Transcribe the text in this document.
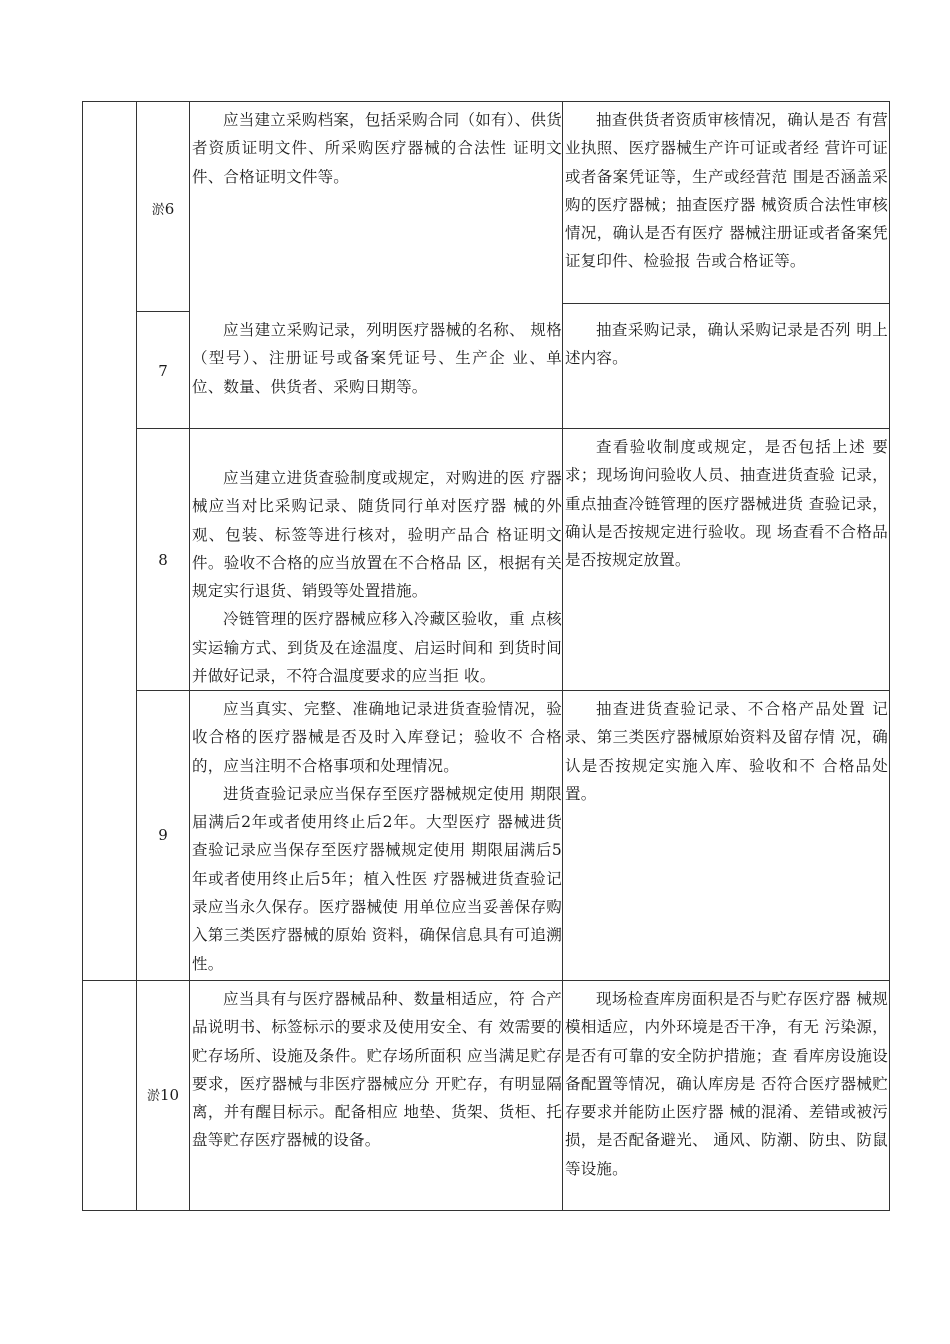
淤6

应当建立采购档案，包括采购合同（如有）、供货者资质证明文件、所采购医疗器械的合法性 证明文件、合格证明文件等。

抽查供货者资质审核情况，确认是否 有营业执照、医疗器械生产许可证或者经 营许可证或者备案凭证等，生产或经营范 围是否涵盖采购的医疗器械；抽查医疗器 械资质合法性审核情况，确认是否有医疗 器械注册证或者备案凭证复印件、检验报 告或合格证等。

7

应当建立采购记录，列明医疗器械的名称、 规格（型号）、注册证号或备案凭证号、生产企 业、单位、数量、供货者、采购日期等。

抽查采购记录，确认采购记录是否列 明上述内容。

8

应当建立进货查验制度或规定，对购进的医 疗器械应当对比采购记录、随货同行单对医疗器 械的外观、包装、标签等进行核对，验明产品合 格证明文件。验收不合格的应当放置在不合格品 区，根据有关规定实行退货、销毁等处置措施。

冷链管理的医疗器械应移入冷藏区验收，重 点核实运输方式、到货及在途温度、启运时间和 到货时间并做好记录，不符合温度要求的应当拒 收。

查看验收制度或规定，是否包括上述 要求；现场询问验收人员、抽查进货查验 记录，重点抽查冷链管理的医疗器械进货 查验记录，确认是否按规定进行验收。现 场查看不合格品是否按规定放置。

9

应当真实、完整、准确地记录进货查验情况，验收合格的医疗器械是否及时入库登记；验收不 合格的，应当注明不合格事项和处理情况。

进货查验记录应当保存至医疗器械规定使用 期限届满后2年或者使用终止后2年。大型医疗 器械进货查验记录应当保存至医疗器械规定使用 期限届满后5年或者使用终止后5年；植入性医 疗器械进货查验记录应当永久保存。医疗器械使 用单位应当妥善保存购入第三类医疗器械的原始 资料，确保信息具有可追溯性。

抽查进货查验记录、不合格产品处置 记录、第三类医疗器械原始资料及留存情 况，确认是否按规定实施入库、验收和不 合格品处置。

淤10

应当具有与医疗器械品种、数量相适应，符 合产品说明书、标签标示的要求及使用安全、有 效需要的贮存场所、设施及条件。贮存场所面积 应当满足贮存要求，医疗器械与非医疗器械应分 开贮存，有明显隔离，并有醒目标示。配备相应 地垫、货架、货柜、托盘等贮存医疗器械的设备。

现场检查库房面积是否与贮存医疗器 械规模相适应，内外环境是否干净，有无 污染源，是否有可靠的安全防护措施；查 看库房设施设备配置等情况，确认库房是 否符合医疗器械贮存要求并能防止医疗器 械的混淆、差错或被污损，是否配备避光、 通风、防潮、防虫、防鼠等设施。
